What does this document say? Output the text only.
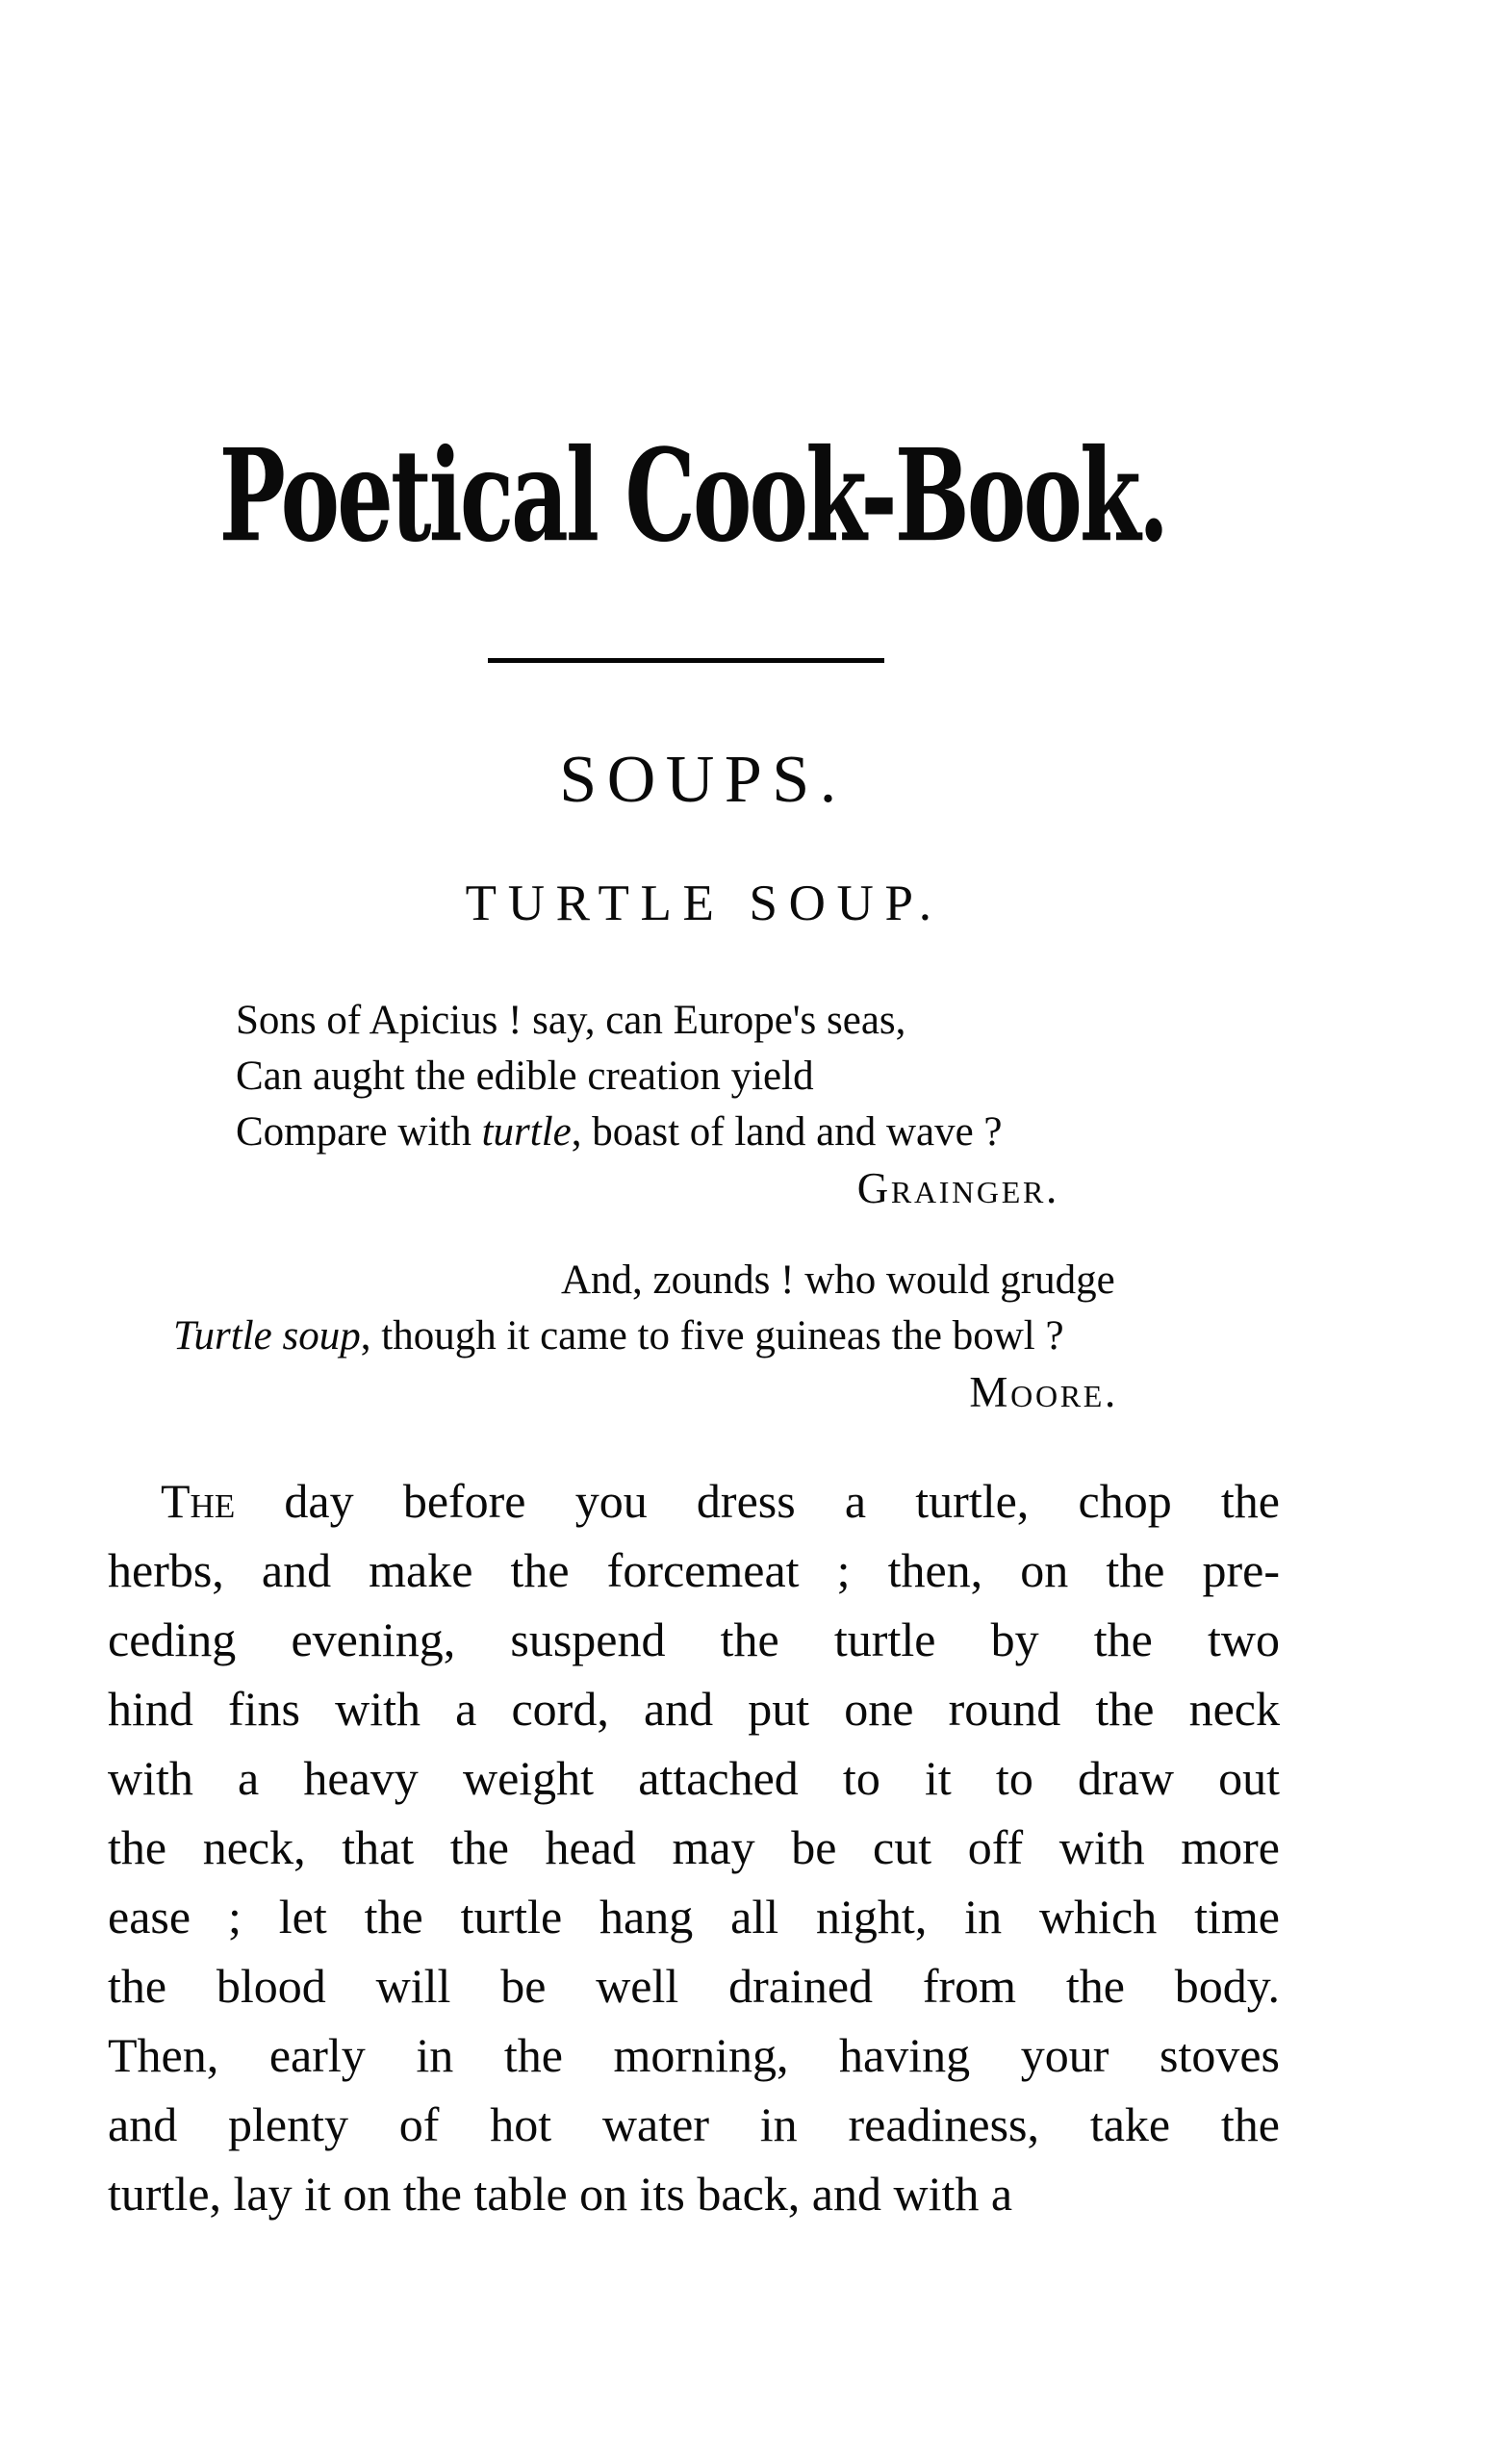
Poetical Cook-Book.
SOUPS.
TURTLE SOUP.
Sons of Apicius ! say, can Europe's seas,
Can aught the edible creation yield
Compare with turtle, boast of land and wave ?
Grainger.
And, zounds ! who would grudge
Turtle soup, though it came to five guineas the bowl ?
Moore.

The day before you dress a turtle, chop the

herbs, and make the forcemeat ; then, on the pre-

ceding evening, suspend the turtle by the two

hind fins with a cord, and put one round the neck

with a heavy weight attached to it to draw out

the neck, that the head may be cut off with more

ease ; let the turtle hang all night, in which time

the blood will be well drained from the body.

Then, early in the morning, having your stoves

and plenty of hot water in readiness, take the

turtle, lay it on the table on its back, and with a
